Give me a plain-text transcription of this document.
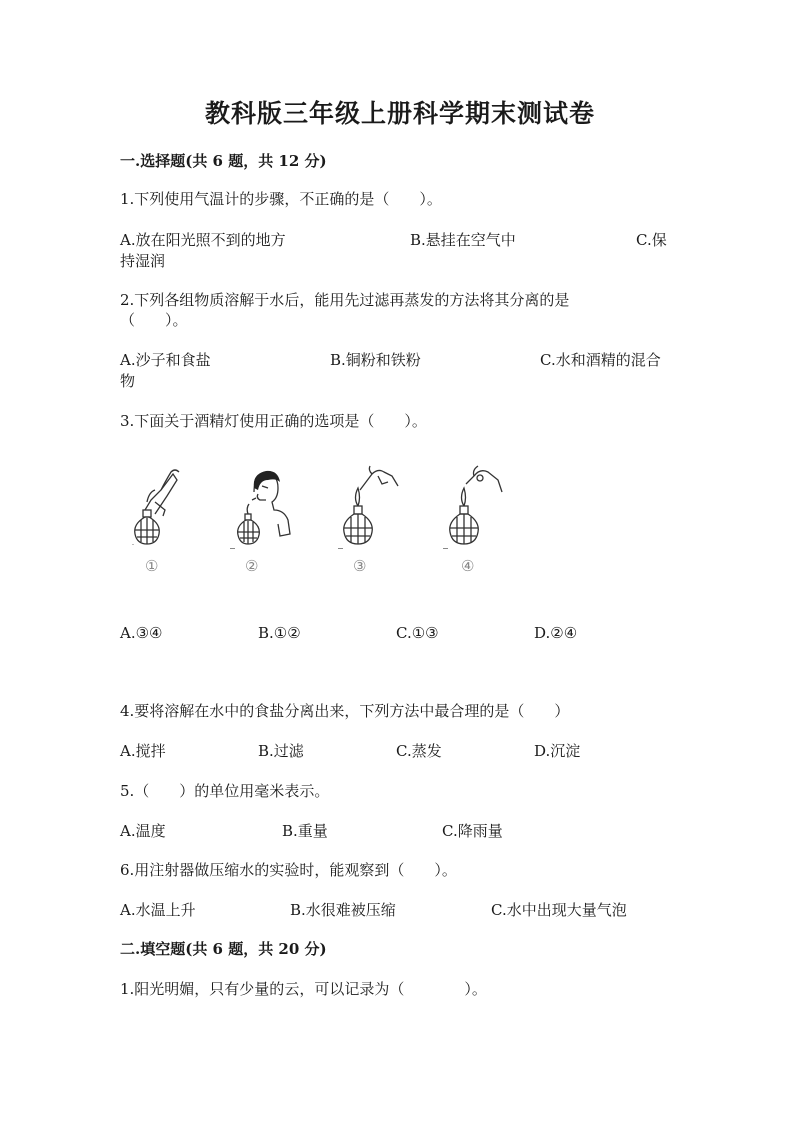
教科版三年级上册科学期末测试卷
一.选择题(共 6 题，共 12 分)
1.下列使用气温计的步骤，不正确的是（　　）。
A.放在阳光照不到的地方	B.悬挂在空气中	C.保
持湿润
2.下列各组物质溶解于水后，能用先过滤再蒸发的方法将其分离的是
（　　）。
A.沙子和食盐	B.铜粉和铁粉	C.水和酒精的混合
物
3.下面关于酒精灯使用正确的选项是（　　）。
①	②	③	④
A.③④	B.①②	C.①③	D.②④
4.要将溶解在水中的食盐分离出来，下列方法中最合理的是（　　）
A.搅拌	B.过滤	C.蒸发	D.沉淀
5.（　　）的单位用毫米表示。
A.温度	B.重量	C.降雨量
6.用注射器做压缩水的实验时，能观察到（　　）。
A.水温上升	B.水很难被压缩	C.水中出现大量气泡
二.填空题(共 6 题，共 20 分)
1.阳光明媚，只有少量的云，可以记录为（　　　　）。
